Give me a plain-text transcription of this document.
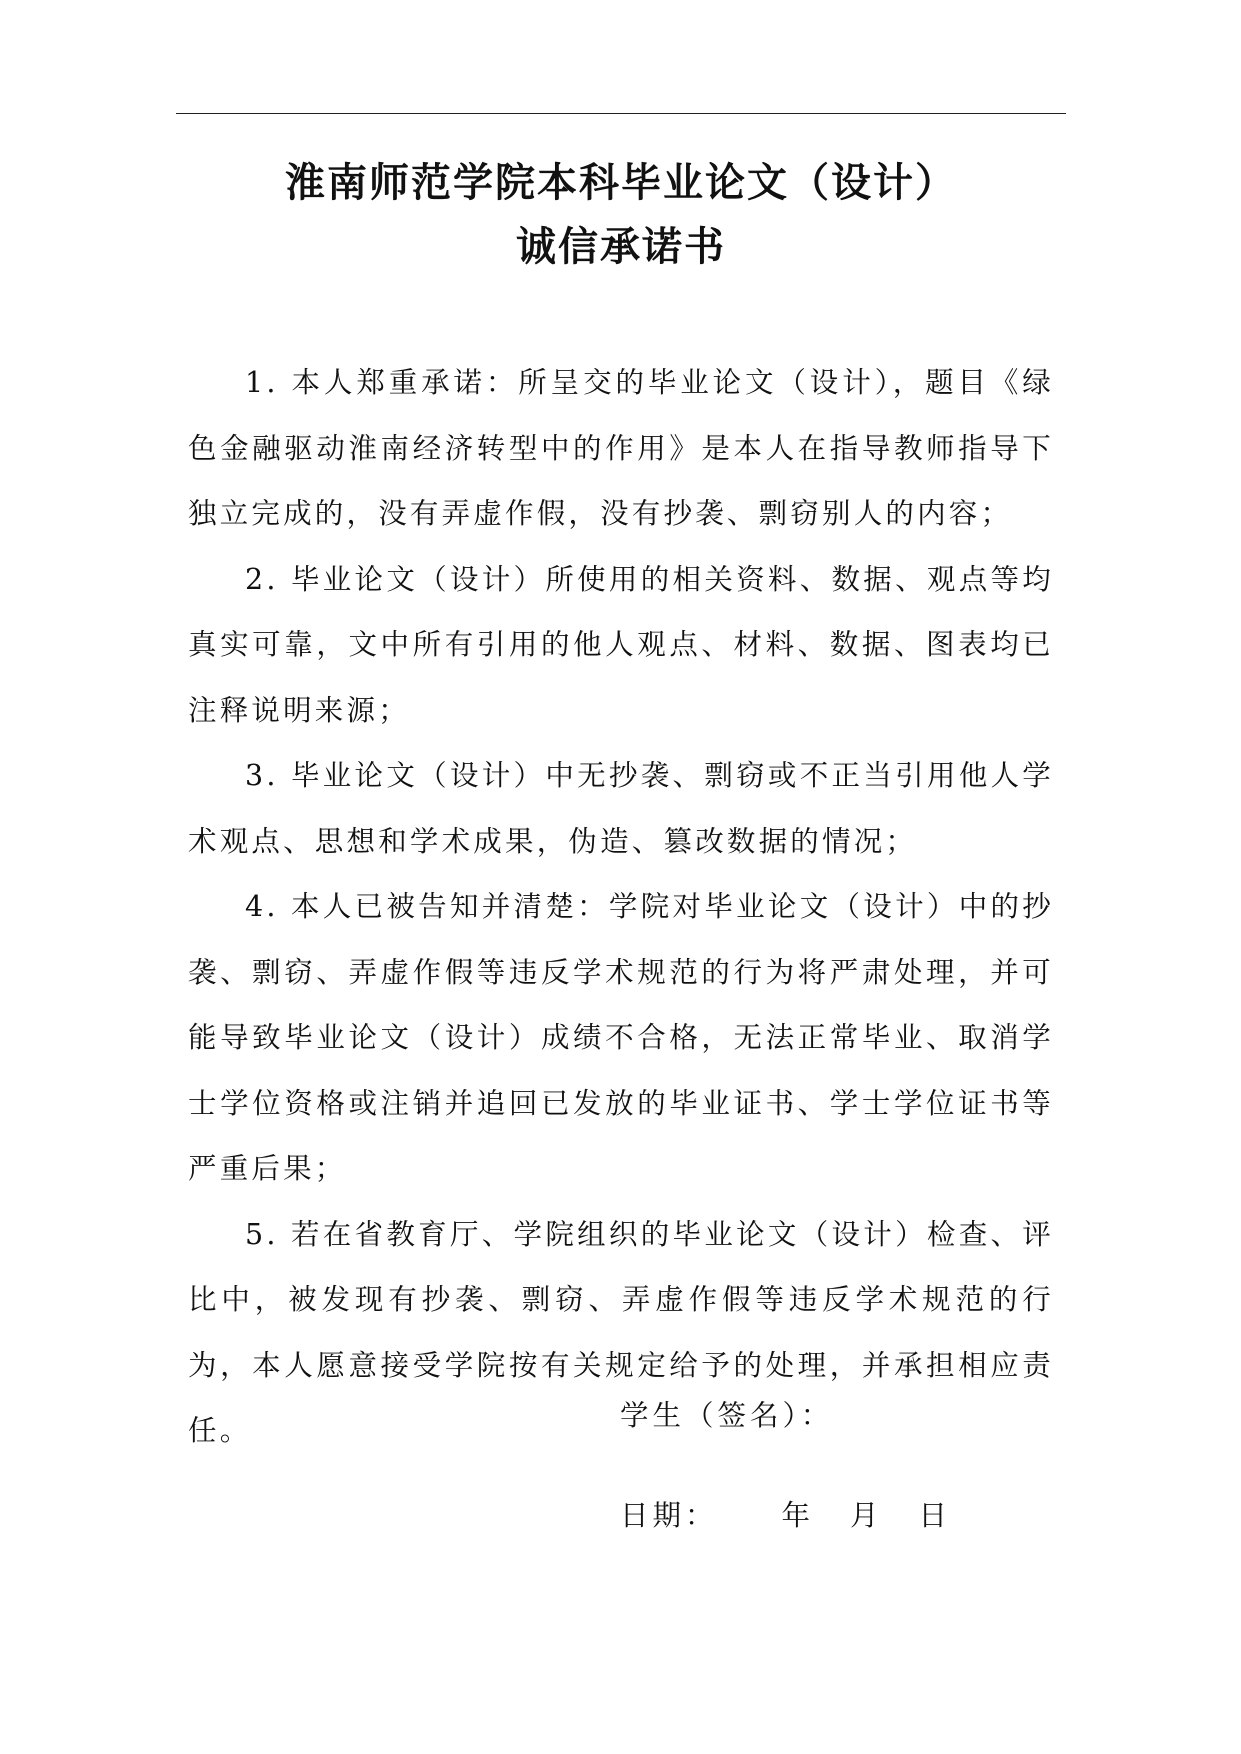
淮南师范学院本科毕业论文（设计）
诚信承诺书

1. 本人郑重承诺：所呈交的毕业论文（设计），题目《绿色金融驱动淮南经济转型中的作用》是本人在指导教师指导下独立完成的，没有弄虚作假，没有抄袭、剽窃别人的内容；

2. 毕业论文（设计）所使用的相关资料、数据、观点等均真实可靠，文中所有引用的他人观点、材料、数据、图表均已注释说明来源；

3. 毕业论文（设计）中无抄袭、剽窃或不正当引用他人学术观点、思想和学术成果，伪造、篡改数据的情况；

4. 本人已被告知并清楚：学院对毕业论文（设计）中的抄袭、剽窃、弄虚作假等违反学术规范的行为将严肃处理，并可能导致毕业论文（设计）成绩不合格，无法正常毕业、取消学士学位资格或注销并追回已发放的毕业证书、学士学位证书等严重后果；

5. 若在省教育厅、学院组织的毕业论文（设计）检查、评比中，被发现有抄袭、剽窃、弄虚作假等违反学术规范的行为，本人愿意接受学院按有关规定给予的处理，并承担相应责任。	学生（签名）：
日期： 年 月 日
